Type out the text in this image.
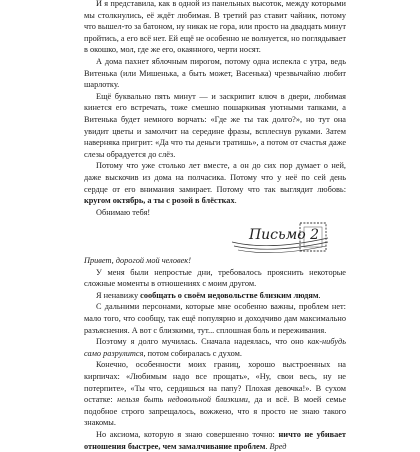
И я представила, как в одной из панельных высоток, между которыми мы столкнулись, её ждёт любимая. В третий раз ставит чайник, потому что вышел-то за батоном, ну никак не гора, или просто на двадцать минут пройтись, а его всё нет. Ей ещё не особенно не волнуется, но поглядывает в окошко, мол, где же его, окаянного, черти носят.

А дома пахнет яблочным пирогом, потому одна испекла с утра, ведь Витенька (или Мишенька, а быть может, Васенька) чрезвычайно любит шарлотку.

Ещё буквально пять минут — и заскрипит ключ в двери, любимая кинется его встречать, тоже смешно пошаркивая уютными тапками, а Витенька будет немного ворчать: «Где же ты так долго?», но тут она увидит цветы и замолчит на середине фразы, всплеснув руками. Затем наверняка пригрит: «Да что ты деньги тратишь», а потом от счастья даже слезы обрадуется до слёз.

Потому что уже столько лет вместе, а он до сих пор думает о ней, даже выскочив из дома на полчасика. Потому что у неё по сей день сердце от его внимания замирает. Потому что так выглядит любовь: кругом октябрь, а ты с розой в блёстках.

Обнимаю тебя!

Письмо 2

Привет, дорогой мой человек!

У меня были непростые дни, требовалось прояснить некоторые сложные моменты в отношениях с моим другом.

Я ненавижу сообщать о своём недовольстве близким людям.

С дальними персонами, которые мне особенно важны, проблем нет: мало того, что сообщу, так ещё популярно и доходчиво дам максимально разъяснения. А вот с близкими, тут... сплошная боль и переживания.

Поэтому я долго мучилась. Сначала надеялась, что оно как-нибудь само разрулится, потом собиралась с духом.

Конечно, особенности моих границ, хорошо выстроенных на кирпичах: «Любимым надо все прощать», «Ну, свои весь, ну не потерпите», «Ты что, сердишься на папу? Плохая девочка!». В сухом остатке: нельзя быть недовольной близкими, да и всё. В моей семье подобное строго запрещалось, вожжено, что я просто не знаю такого знакомы.

Но аксиома, которую я знаю совершенно точно: ничто не убивает отношения быстрее, чем замалчивание проблем. Вред
